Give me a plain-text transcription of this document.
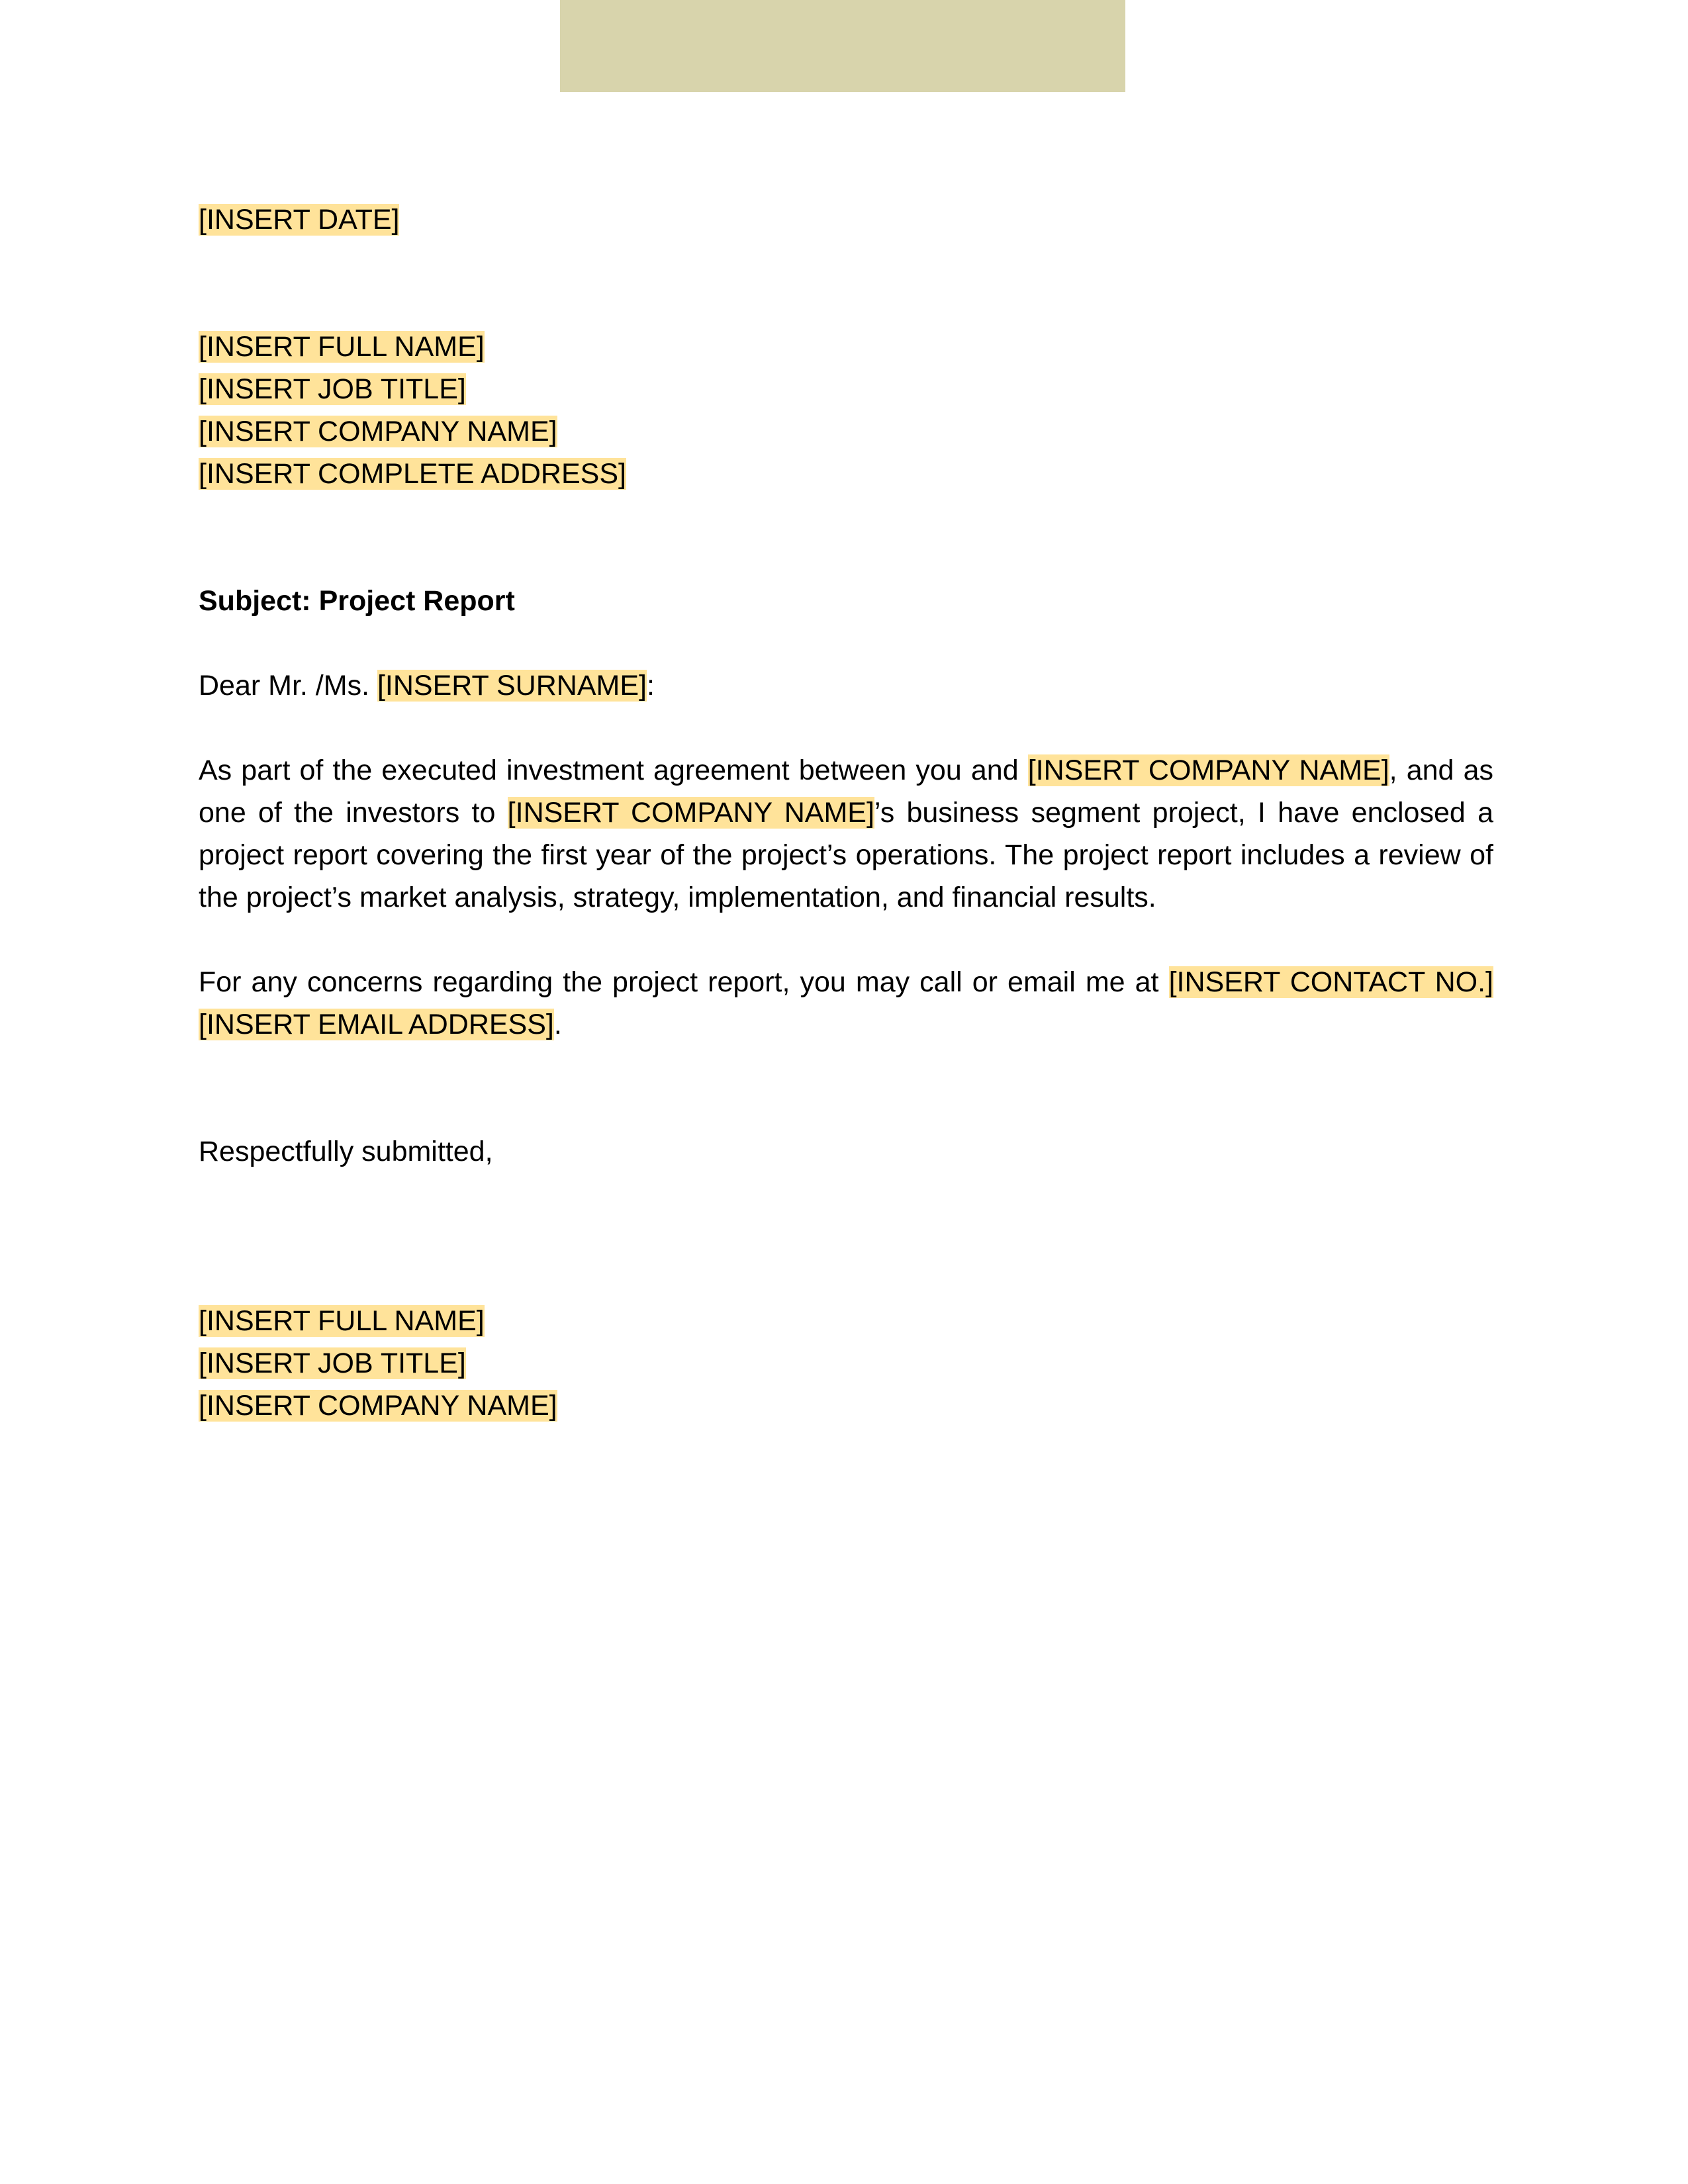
[INSERT DATE]
[INSERT FULL NAME]
[INSERT JOB TITLE]
[INSERT COMPANY NAME]
[INSERT COMPLETE ADDRESS]
Subject: Project Report
Dear Mr. /Ms. [INSERT SURNAME]:

As part of the executed investment agreement between you and [INSERT COMPANY NAME], and as one of the investors to [INSERT COMPANY NAME]’s business segment project, I have enclosed a project report covering the first year of the project’s operations. The project report includes a review of the project’s market analysis, strategy, implementation, and financial results.

For any concerns regarding the project report, you may call or email me at [INSERT CONTACT NO.] [INSERT EMAIL ADDRESS].

Respectfully submitted,
[INSERT FULL NAME]
[INSERT JOB TITLE]
[INSERT COMPANY NAME]
